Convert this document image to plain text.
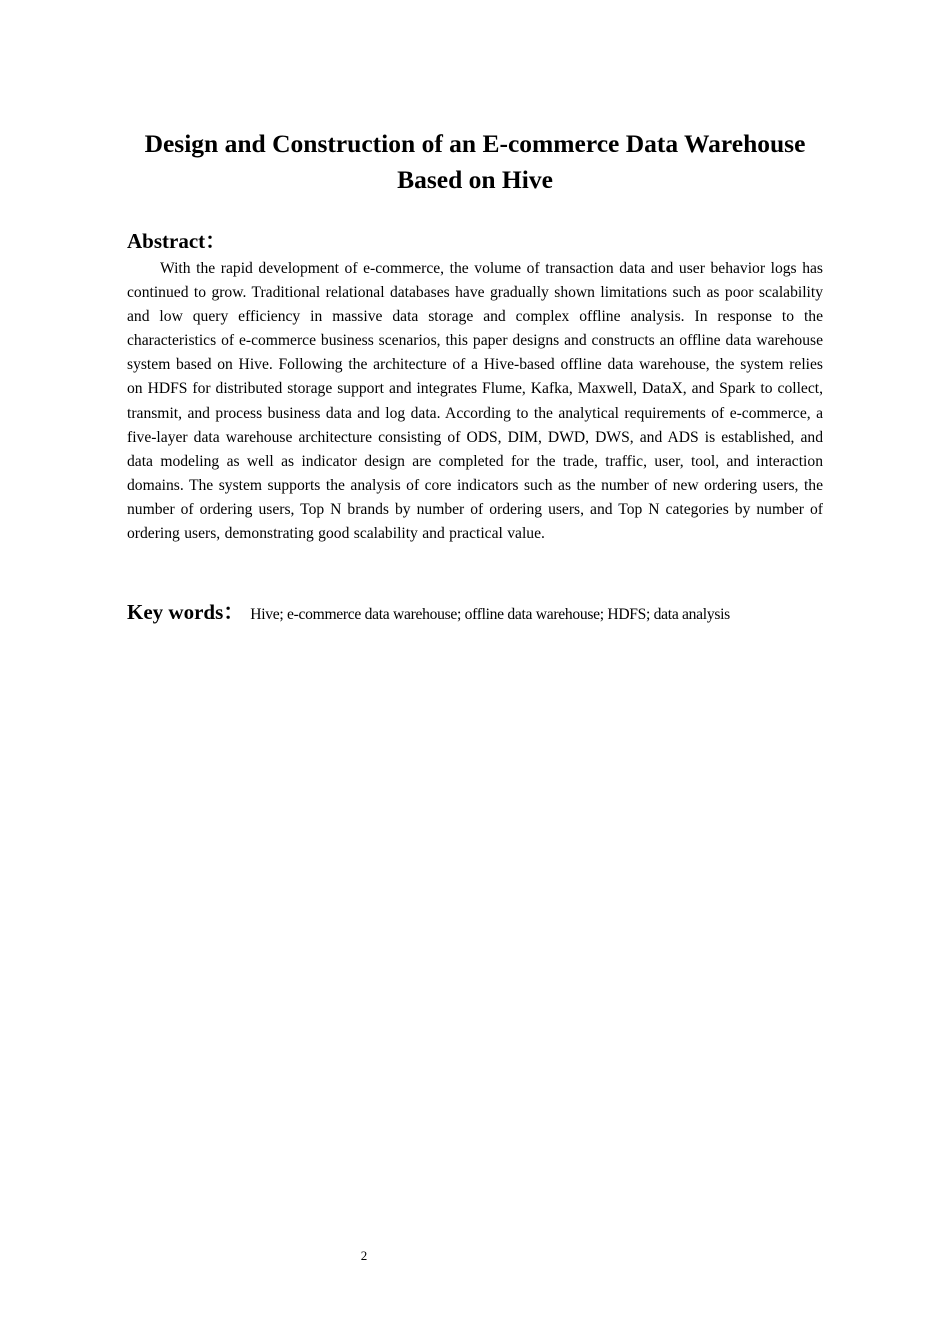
Design and Construction of an E-commerce Data Warehouse Based on Hive
Abstract：

With the rapid development of e-commerce, the volume of transaction data and user behavior logs has continued to grow. Traditional relational databases have gradually shown limitations such as poor scalability and low query efficiency in massive data storage and complex offline analysis. In response to the characteristics of e-commerce business scenarios, this paper designs and constructs an offline data warehouse system based on Hive. Following the architecture of a Hive-based offline data warehouse, the system relies on HDFS for distributed storage support and integrates Flume, Kafka, Maxwell, DataX, and Spark to collect, transmit, and process business data and log data. According to the analytical requirements of e-commerce, a five-layer data warehouse architecture consisting of ODS, DIM, DWD, DWS, and ADS is established, and data modeling as well as indicator design are completed for the trade, traffic, user, tool, and interaction domains. The system supports the analysis of core indicators such as the number of new ordering users, the number of ordering users, Top N brands by number of ordering users, and Top N categories by number of ordering users, demonstrating good scalability and practical value.

Key words： Hive; e-commerce data warehouse; offline data warehouse; HDFS; data analysis

2
